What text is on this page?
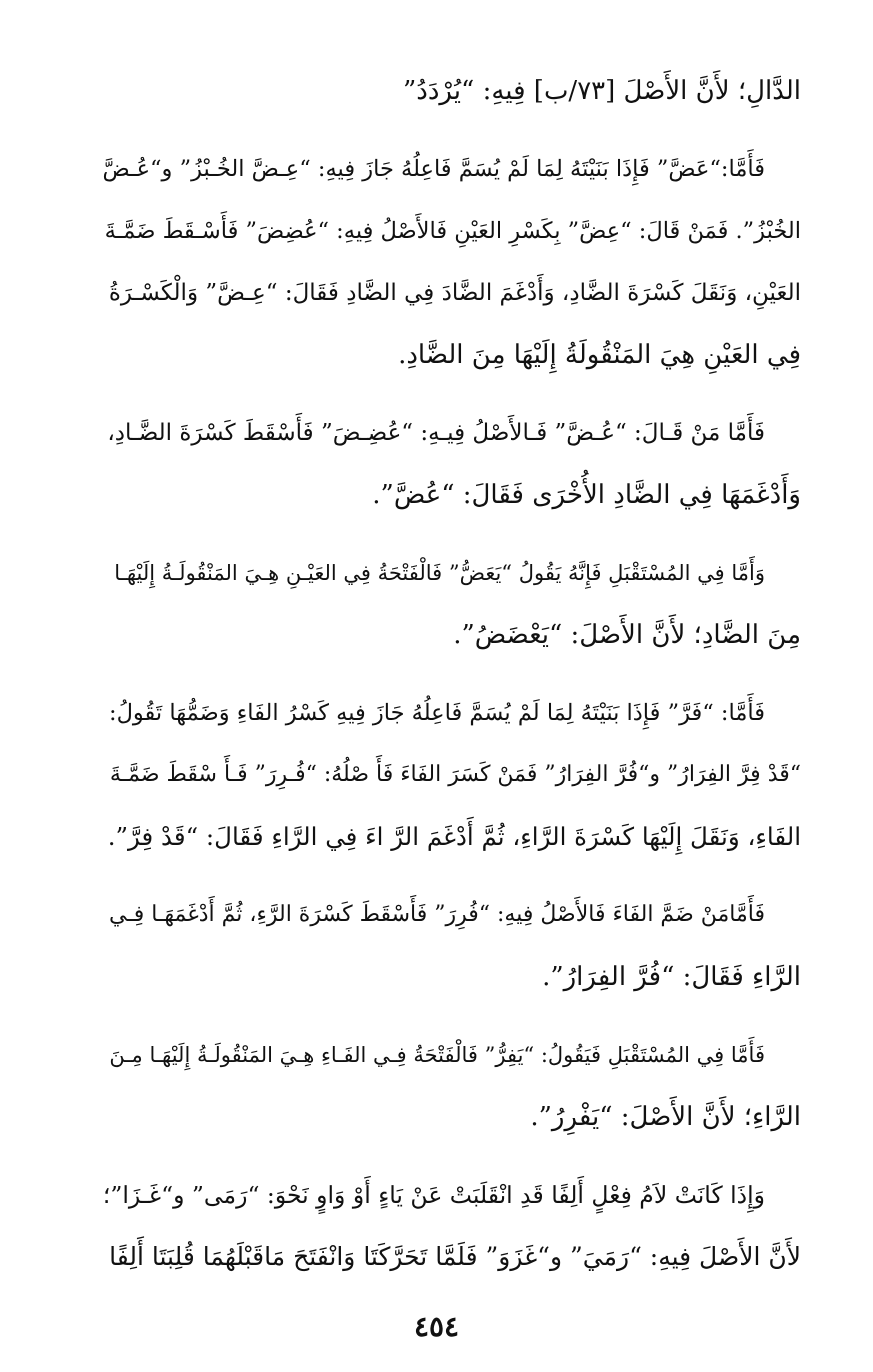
الدَّالِ؛ لأَنَّ الأَصْلَ [٧٣/ب] فِيهِ: “يُرْدَدُ”
فَأَمَّا:“عَضَّ” فَإِذَا بَنَيْتَهُ لِمَا لَمْ يُسَمَّ فَاعِلُهُ جَازَ فِيهِ: “عِـضَّ الخُـبْزُ” و“عُـضَّ
الخُبْزُ”. فَمَنْ قَالَ: “عِضَّ” بِكَسْرِ العَيْنِ فَالأَصْلُ فِيهِ: “عُضِضَ” فَأَسْـقَطَ ضَمَّـةَ
العَيْنِ، وَنَقَلَ كَسْرَةَ الضَّادِ، وَأَدْغَمَ الضَّادَ فِي الضَّادِ فَقَالَ: “عِـضَّ” وَالْكَسْـرَةُ
فِي العَيْنِ هِيَ المَنْقُولَةُ إِلَيْهَا مِنَ الضَّادِ.
فَأَمَّا مَنْ قَـالَ: “عُـضَّ” فَـالأَصْلُ فِيـهِ: “عُضِـضَ” فَأَسْقَطَ كَسْرَةَ الضَّـادِ،
وَأَدْغَمَهَا فِي الضَّادِ الأُخْرَى فَقَالَ: “عُضَّ”.
وَأَمَّا فِي المُسْتَقْبَلِ فَإِنَّهُ يَقُولُ “يَعَضُّ” فَالْفَتْحَةُ فِي العَيْـنِ هِـيَ المَنْقُولَـةُ إِلَيْهَـا
مِنَ الضَّادِ؛ لأَنَّ الأَصْلَ: “يَعْضَضُ”.
فَأَمَّا: “فَرَّ” فَإِذَا بَنَيْتَهُ لِمَا لَمْ يُسَمَّ فَاعِلُهُ جَازَ فِيهِ كَسْرُ الفَاءِ وَضَمُّهَا تَقُولُ:
“قَدْ فِرَّ الفِرَارُ” و“فُرَّ الفِرَارُ” فَمَنْ كَسَرَ الفَاءَ فَأَ صْلُهُ: “فُـرِرَ” فَـأَ سْقَطَ ضَمَّـةَ
الفَاءِ، وَنَقَلَ إِلَيْهَا كَسْرَةَ الرَّاءِ، ثُمَّ أَدْغَمَ الرَّ اءَ فِي الرَّاءِ فَقَالَ: “قَدْ فِرَّ”.
فَأَمَّامَنْ ضَمَّ الفَاءَ فَالأَصْلُ فِيهِ: “فُرِرَ” فَأَسْقَطَ كَسْرَةَ الرَّءِ، ثُمَّ أَدْغَمَهَـا فِـي
الرَّاءِ فَقَالَ: “فُرَّ الفِرَارُ”.
فَأَمَّا فِي المُسْتَقْبَلِ فَيَقُولُ: “يَفِرُّ” فَالْفَتْحَةُ فِـي الفَـاءِ هِـيَ المَنْقُولَـةُ إِلَيْهَـا مِـنَ
الرَّاءِ؛ لأَنَّ الأَصْلَ: “يَفْرِرُ”.
وَإِذَا كَانَتْ لاَمُ فِعْلٍ أَلِفًا قَدِ انْقَلَبَتْ عَنْ يَاءٍ أَوْ وَاوٍ نَحْوَ: “رَمَى” و“غَـزَا”؛
لأَنَّ الأَصْلَ فِيهِ: “رَمَيَ” و“غَزَوَ” فَلَمَّا تَحَرَّكَتَا وَانْفَتَحَ مَاقَبْلَهُمَا قُلِبَتَا أَلِفًا
٤٥٤
